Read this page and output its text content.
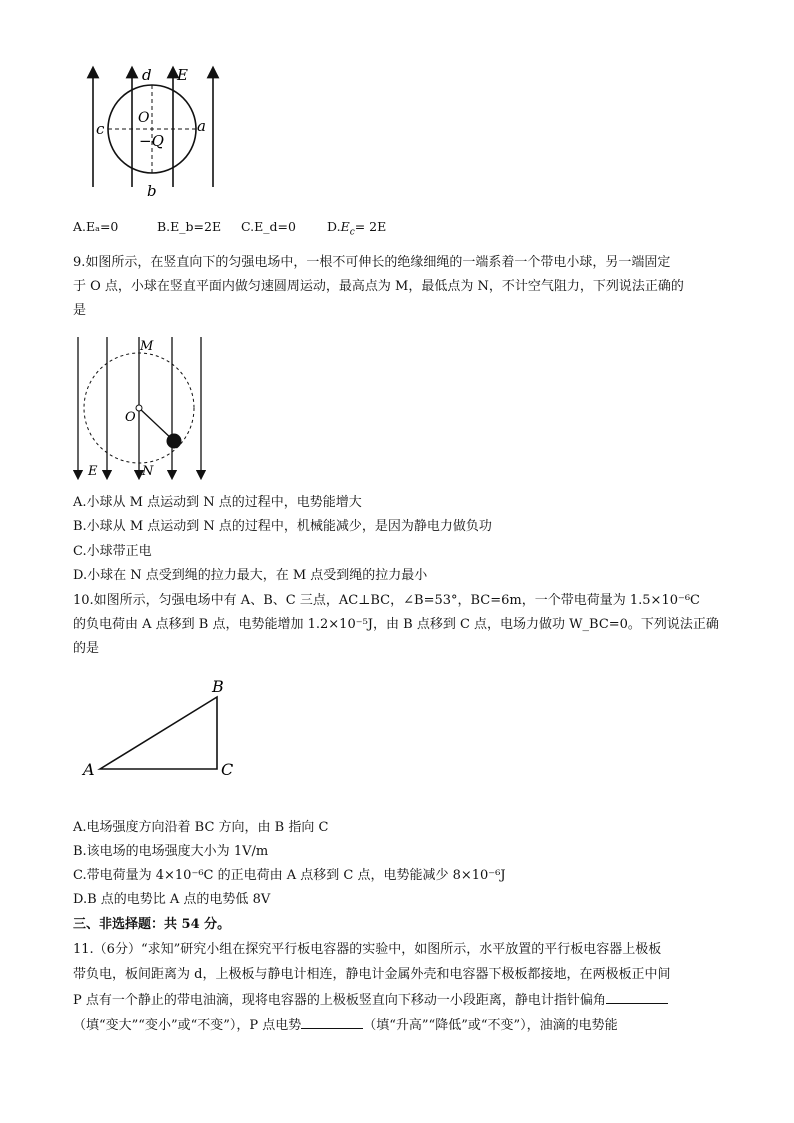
d E
O
c	a
−Q
b
A.Eₐ=0	B.E_b=2E C.E_d=0 $D.E_c= 2E$
9.如图所示，在竖直向下的匀强电场中，一根不可伸长的绝缘细绳的一端系着一个带电小球，另一端固定
于 O 点，小球在竖直平面内做匀速圆周运动，最高点为 M，最低点为 N，不计空气阻力，下列说法正确的
是
M
O
E	N
A.小球从 M 点运动到 N 点的过程中，电势能增大
B.小球从 M 点运动到 N 点的过程中，机械能减少，是因为静电力做负功
C.小球带正电
D.小球在 N 点受到绳的拉力最大，在 M 点受到绳的拉力最小
10.如图所示，匀强电场中有 A、B、C 三点，AC⊥BC，∠B=53°，BC=6m，一个带电荷量为 1.5×10⁻⁶C
的负电荷由 A 点移到 B 点，电势能增加 1.2×10⁻⁵J，由 B 点移到 C 点，电场力做功 W_BC=0。下列说法正确
的是
A
B
C
A.电场强度方向沿着 BC 方向，由 B 指向 C
B.该电场的电场强度大小为 1V/m
C.带电荷量为 4×10⁻⁶C 的正电荷由 A 点移到 C 点，电势能减少 8×10⁻⁶J
D.B 点的电势比 A 点的电势低 8V
三、非选择题：共 54 分。
11.（6分）“求知”研究小组在探究平行板电容器的实验中，如图所示，水平放置的平行板电容器上极板
带负电，板间距离为 d，上极板与静电计相连，静电计金属外壳和电容器下极板都接地，在两极板正中间
P 点有一个静止的带电油滴，现将电容器的上极板竖直向下移动一小段距离，静电计指针偏角
（填“变大”“变小”或“不变”），P 点电势	（填“升高”“降低”或“不变”），油滴的电势能
